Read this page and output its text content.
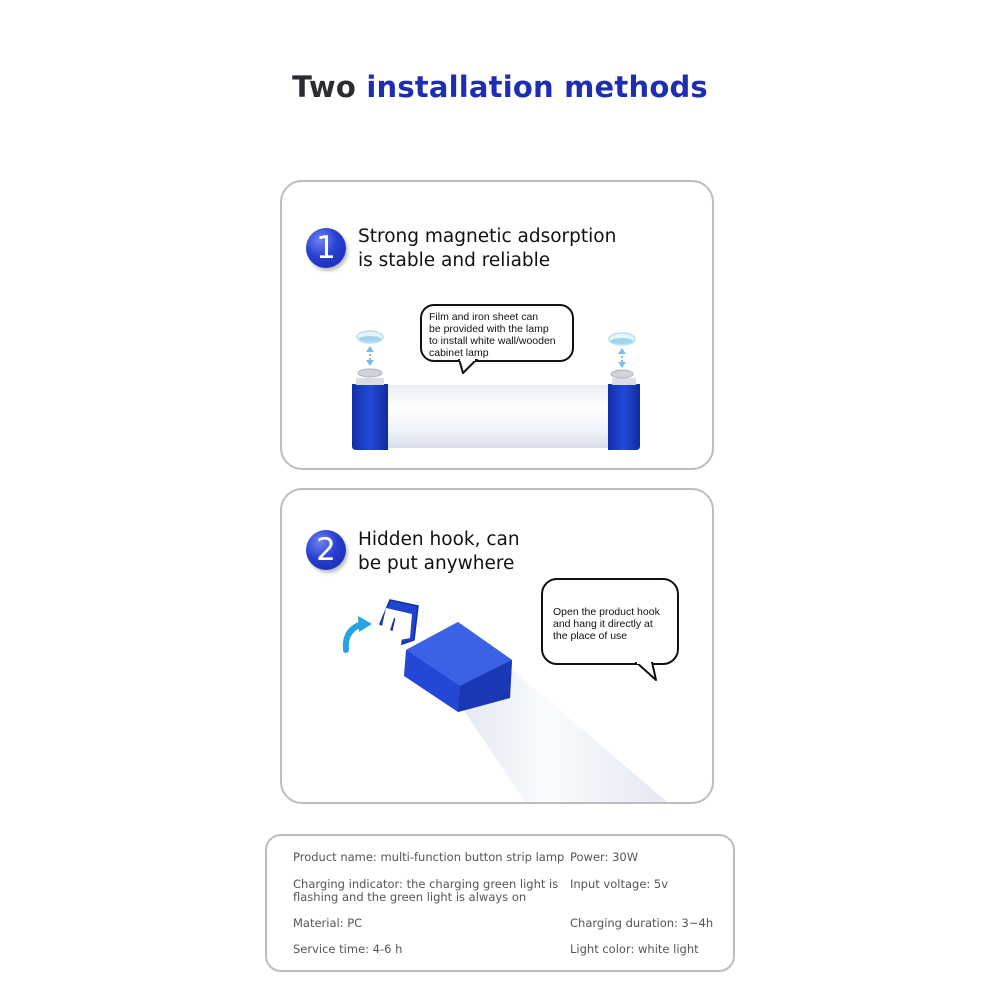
Two installation methods
1	Strong magnetic adsorption
is stable and reliable
Film and iron sheet can
be provided with the lamp
to install white wall/wooden
cabinet lamp
2	Hidden hook, can
be put anywhere
Open the product hook
and hang it directly at
the place of use
Product name: multi-function button strip lamp Power: 30W
Charging indicator: the charging green light is
flashing and the green light is always on
Input voltage: 5v
Material: PC	Charging duration: 3~4h
Service time: 4-6 h	Light color: white light
